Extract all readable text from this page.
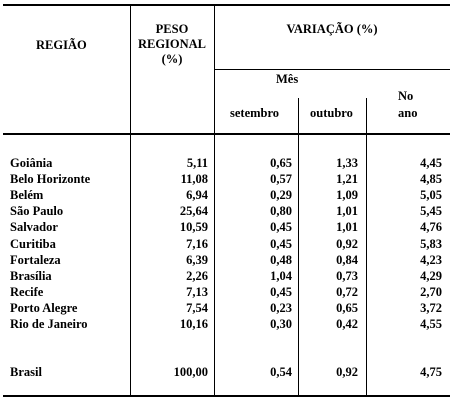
REGIÃO
PESO
REGIONAL
(%)
VARIAÇÃO (%)
Mês
setembro outubro
No
ano
Goiânia	5,11	0,65	1,33	4,45
Belo Horizonte	11,08	0,57	1,21	4,85
Belém	6,94	0,29	1,09	5,05
São Paulo	25,64	0,80	1,01	5,45
Salvador	10,59	0,45	1,01	4,76
Curitiba	7,16	0,45	0,92	5,83
Fortaleza	6,39	0,48	0,84	4,23
Brasília	2,26	1,04	0,73	4,29
Recife	7,13	0,45	0,72	2,70
Porto Alegre	7,54	0,23	0,65	3,72
Rio de Janeiro	10,16	0,30	0,42	4,55
Brasil	100,00	0,54	0,92	4,75
